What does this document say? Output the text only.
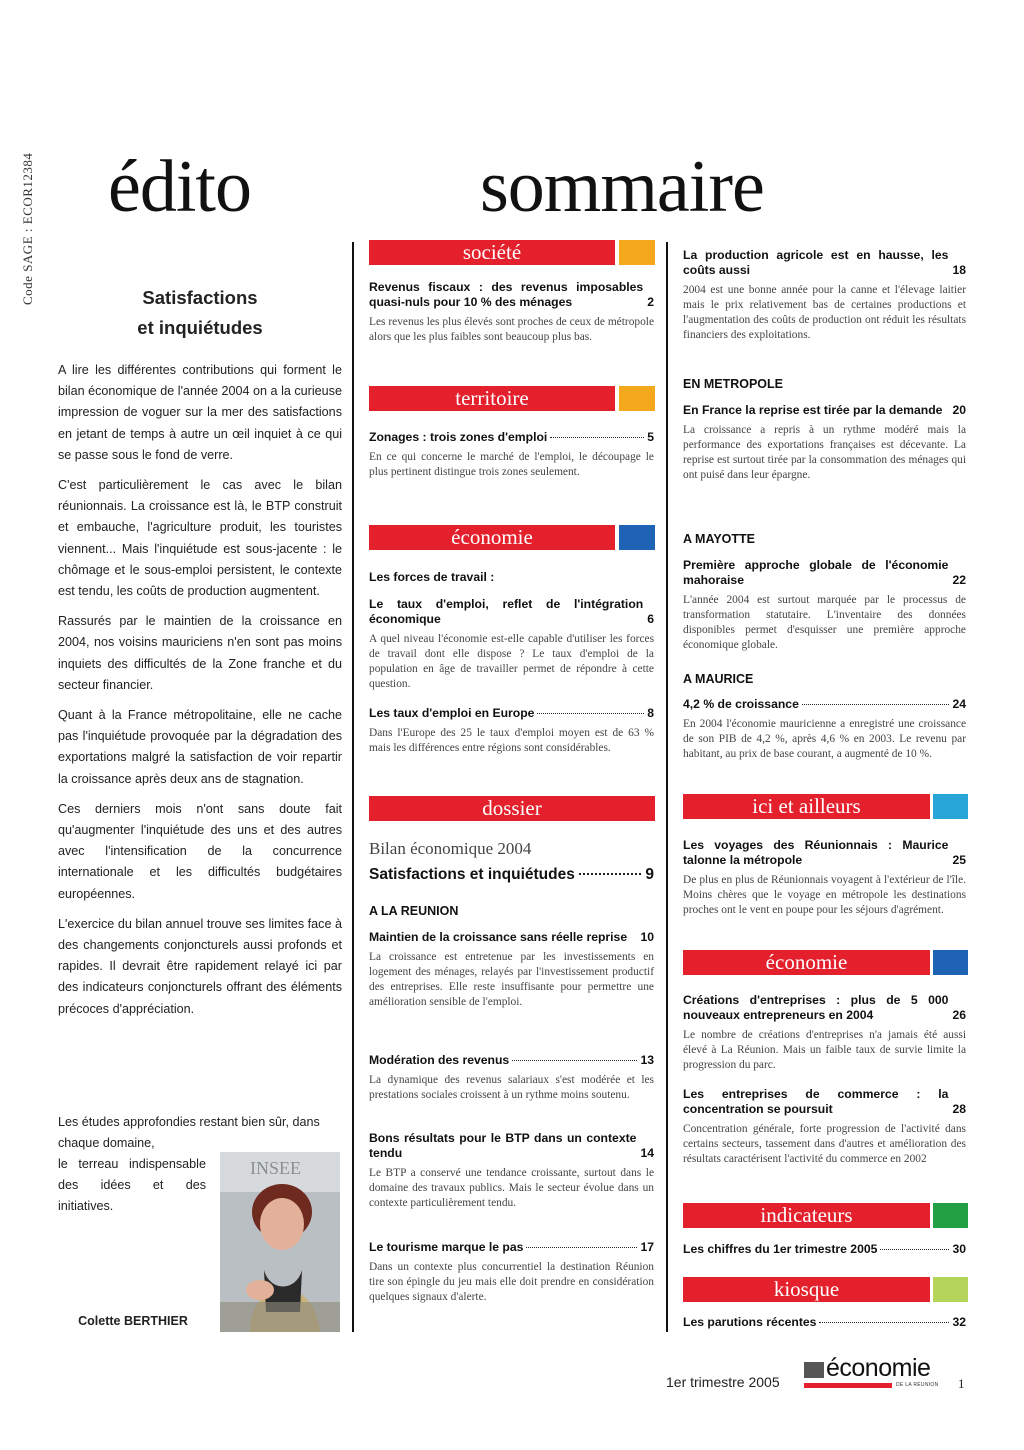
Code SAGE : ECOR12384 édito
Satisfactions
et inquiétudes

A lire les différentes contributions qui forment le bilan économique de l'année 2004 on a la curieuse impression de voguer sur la mer des satisfactions en jetant de temps à autre un œil inquiet à ce qui se passe sous le fond de verre.

C'est particulièrement le cas avec le bilan réunionnais. La croissance est là, le BTP construit et embauche, l'agriculture produit, les touristes viennent... Mais l'inquiétude est sous-jacente : le chômage et le sous-emploi persistent, le contexte est tendu, les coûts de production augmentent.

Rassurés par le maintien de la croissance en 2004, nos voisins mauriciens n'en sont pas moins inquiets des difficultés de la Zone franche et du secteur financier.

Quant à la France métropolitaine, elle ne cache pas l'inquiétude provoquée par la dégradation des exportations malgré la satisfaction de voir repartir la croissance après deux ans de stagnation.

Ces derniers mois n'ont sans doute fait qu'augmenter l'inquiétude des uns et des autres avec l'intensification de la concurrence internationale et les difficultés budgétaires européennes.

L'exercice du bilan annuel trouve ses limites face à des changements conjoncturels aussi profonds et rapides. Il devrait être rapidement relayé ici par des indicateurs conjoncturels offrant des éléments précoces d'appréciation.

Les études approfondies restant bien sûr, dans chaque domaine,
le terreau indispensable des idées et des initiatives.
INSEE
Colette BERTHIER
sommaire
société
Revenus fiscaux : des revenus imposables quasi-nuls pour 10 % des ménages	2
Les revenus les plus élevés sont proches de ceux de métropole alors que les plus faibles sont beaucoup plus bas.
territoire
Zonages : trois zones d'emploi	5
En ce qui concerne le marché de l'emploi, le découpage le plus pertinent distingue trois zones seulement.
économie
Les forces de travail :
Le taux d'emploi, reflet de l'intégration économique	6
A quel niveau l'économie est-elle capable d'utiliser les forces de travail dont elle dispose ? Le taux d'emploi de la population en âge de travailler permet de répondre à cette question.
Les taux d'emploi en Europe	8
Dans l'Europe des 25 le taux d'emploi moyen est de 63 % mais les différences entre régions sont considérables.
dossier
Bilan économique 2004
Satisfactions et inquiétudes	9
A LA REUNION
Maintien de la croissance sans réelle reprise	10
La croissance est entretenue par les investissements en logement des ménages, relayés par l'investissement productif des entreprises. Elle reste insuffisante pour permettre une amélioration sensible de l'emploi.
Modération des revenus	13
La dynamique des revenus salariaux s'est modérée et les prestations sociales croissent à un rythme moins soutenu.
Bons résultats pour le BTP dans un contexte tendu	14
Le BTP a conservé une tendance croissante, surtout dans le domaine des travaux publics. Mais le secteur évolue dans un contexte particulièrement tendu.
Le tourisme marque le pas	17
Dans un contexte plus concurrentiel la destination Réunion tire son épingle du jeu mais elle doit prendre en considération quelques signaux d'alerte.
La production agricole est en hausse, les coûts aussi	18
2004 est une bonne année pour la canne et l'élevage laitier mais le prix relativement bas de certaines productions et l'augmentation des coûts de production ont réduit les résultats financiers des exploitations.
EN METROPOLE
En France la reprise est tirée par la demande 20
La croissance a repris à un rythme modéré mais la performance des exportations françaises est décevante. La reprise est surtout tirée par la consommation des ménages qui ont puisé dans leur épargne.
A MAYOTTE
Première approche globale de l'économie mahoraise	22
L'année 2004 est surtout marquée par le processus de transformation statutaire. L'inventaire des données disponibles permet d'esquisser une première approche économique globale.
A MAURICE
4,2 % de croissance	24
En 2004 l'économie mauricienne a enregistré une croissance de son PIB de 4,2 %, après 4,6 % en 2003. Le revenu par habitant, au prix de base courant, a augmenté de 10 %.
ici et ailleurs
Les voyages des Réunionnais : Maurice talonne la métropole	25
De plus en plus de Réunionnais voyagent à l'extérieur de l'île. Moins chères que le voyage en métropole les destinations proches ont le vent en poupe pour les séjours d'agrément.
économie
Créations d'entreprises : plus de 5 000 nouveaux entrepreneurs en 2004	26
Le nombre de créations d'entreprises n'a jamais été aussi élevé à La Réunion. Mais un faible taux de survie limite la progression du parc.
Les entreprises de commerce : la concentration se poursuit	28
Concentration générale, forte progression de l'activité dans certains secteurs, tassement dans d'autres et amélioration des résultats caractérisent l'activité du commerce en 2002
indicateurs
Les chiffres du 1er trimestre 2005	30
kiosque
Les parutions récentes	32
1er trimestre 2005 économie
DE LA RÉUNION 1
